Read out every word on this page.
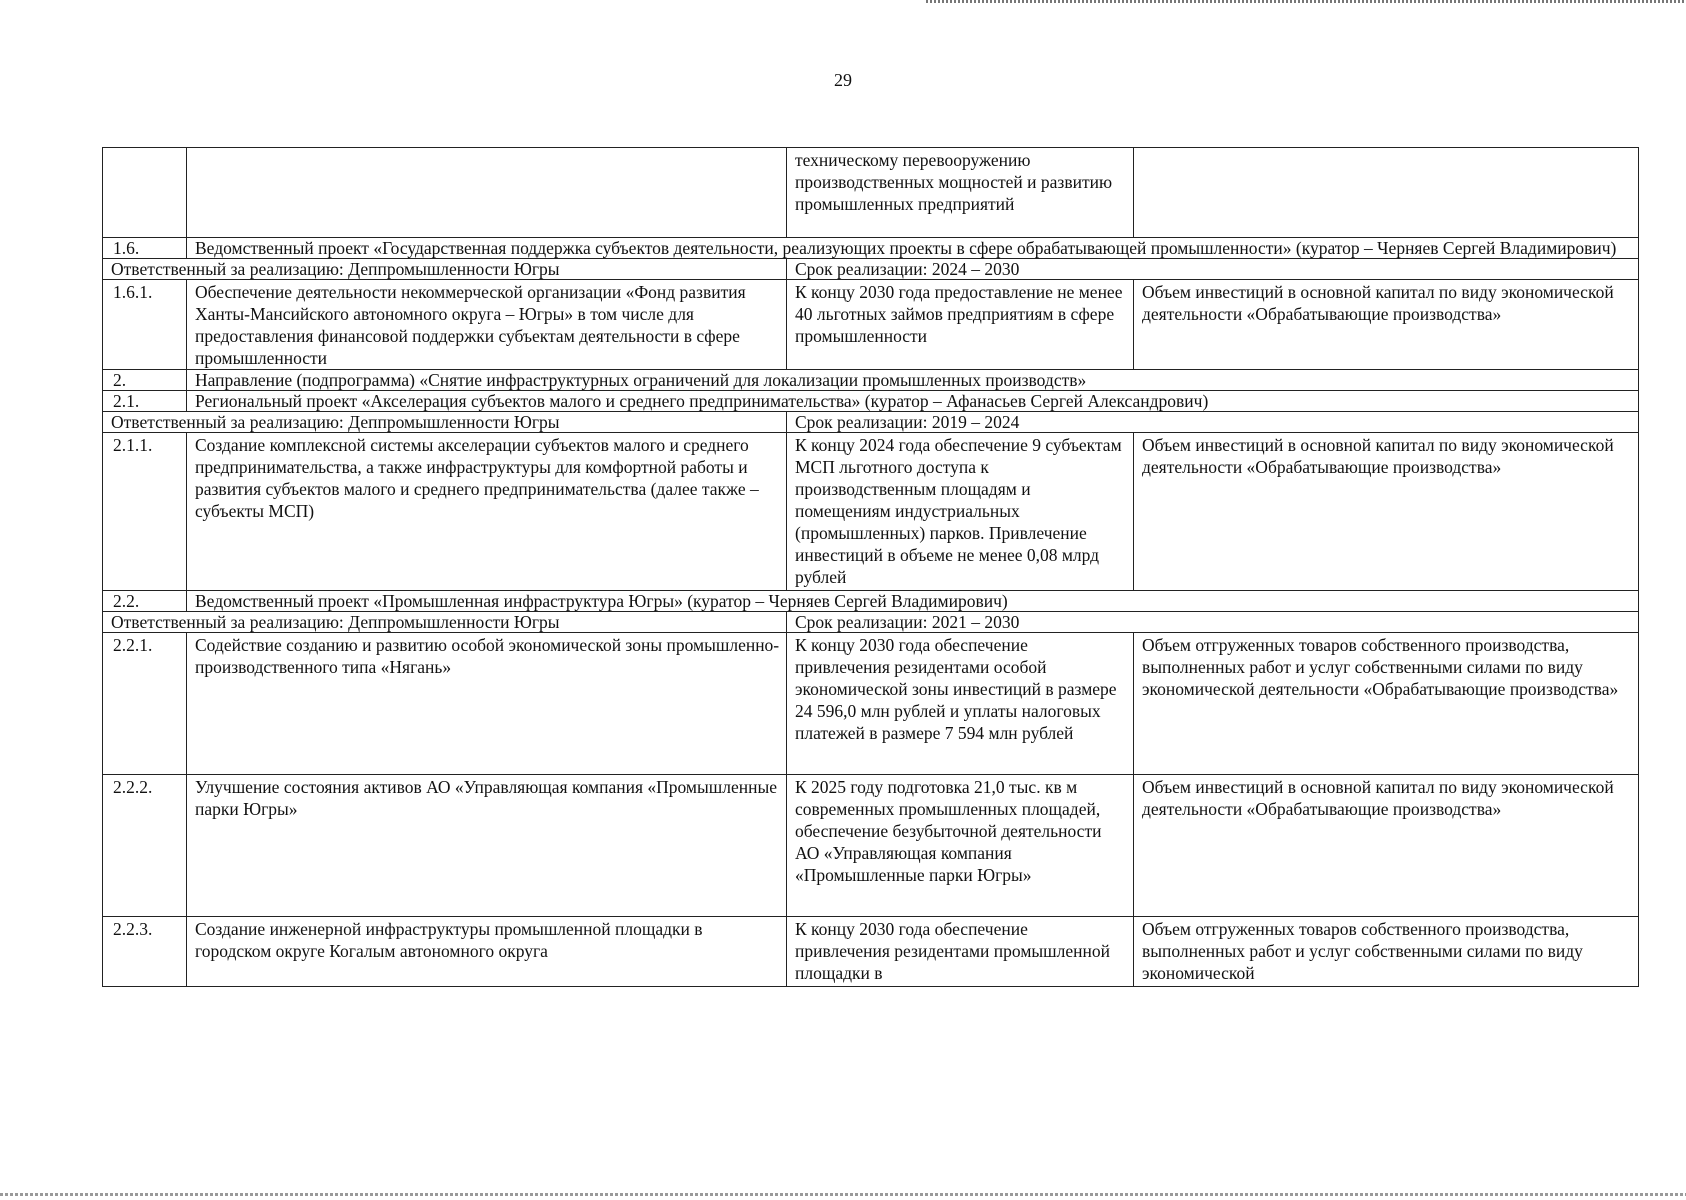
29
		техническому перевооружению производственных мощностей и развитию промышленных предприятий	
1.6.	Ведомственный проект «Государственная поддержка субъектов деятельности, реализующих проекты в сфере обрабатывающей промышленности» (куратор – Черняев Сергей Владимирович)		
Ответственный за реализацию: Деппромышленности Югры		Срок реализации: 2024 – 2030	
1.6.1.	Обеспечение деятельности некоммерческой организации «Фонд развития Ханты-Мансийского автономного округа – Югры» в том числе для предоставления финансовой поддержки субъектам деятельности в сфере промышленности	К концу 2030 года предоставление не менее 40 льготных займов предприятиям в сфере промышленности	Объем инвестиций в основной капитал по виду экономической деятельности «Обрабатывающие производства»
2.	Направление (подпрограмма) «Снятие инфраструктурных ограничений для локализации промышленных производств»		
2.1.	Региональный проект «Акселерация субъектов малого и среднего предпринимательства» (куратор – Афанасьев Сергей Александрович)		
Ответственный за реализацию: Деппромышленности Югры		Срок реализации: 2019 – 2024	
2.1.1.	Создание комплексной системы акселерации субъектов малого и среднего предпринимательства, а также инфраструктуры для комфортной работы и развития субъектов малого и среднего предпринимательства (далее также – субъекты МСП)	К концу 2024 года обеспечение 9 субъектам МСП льготного доступа к производственным площадям и помещениям индустриальных (промышленных) парков. Привлечение инвестиций в объеме не менее 0,08 млрд рублей	Объем инвестиций в основной капитал по виду экономической деятельности «Обрабатывающие производства»
2.2.	Ведомственный проект «Промышленная инфраструктура Югры» (куратор – Черняев Сергей Владимирович)		
Ответственный за реализацию: Деппромышленности Югры		Срок реализации: 2021 – 2030	
2.2.1.	Содействие созданию и развитию особой экономической зоны промышленно-производственного типа «Нягань»	К концу 2030 года обеспечение привлечения резидентами особой экономической зоны инвестиций в размере 24 596,0 млн рублей и уплаты налоговых платежей в размере 7 594 млн рублей	Объем отгруженных товаров собственного производства, выполненных работ и услуг собственными силами по виду экономической деятельности «Обрабатывающие производства»
2.2.2.	Улучшение состояния активов АО «Управляющая компания «Промышленные парки Югры»	К 2025 году подготовка 21,0 тыс. кв м современных промышленных площадей, обеспечение безубыточной деятельности АО «Управляющая компания «Промышленные парки Югры»	Объем инвестиций в основной капитал по виду экономической деятельности «Обрабатывающие производства»
2.2.3.	Создание инженерной инфраструктуры промышленной площадки в городском округе Когалым автономного округа	К концу 2030 года обеспечение привлечения резидентами промышленной площадки в	Объем отгруженных товаров собственного производства, выполненных работ и услуг собственными силами по виду экономической
